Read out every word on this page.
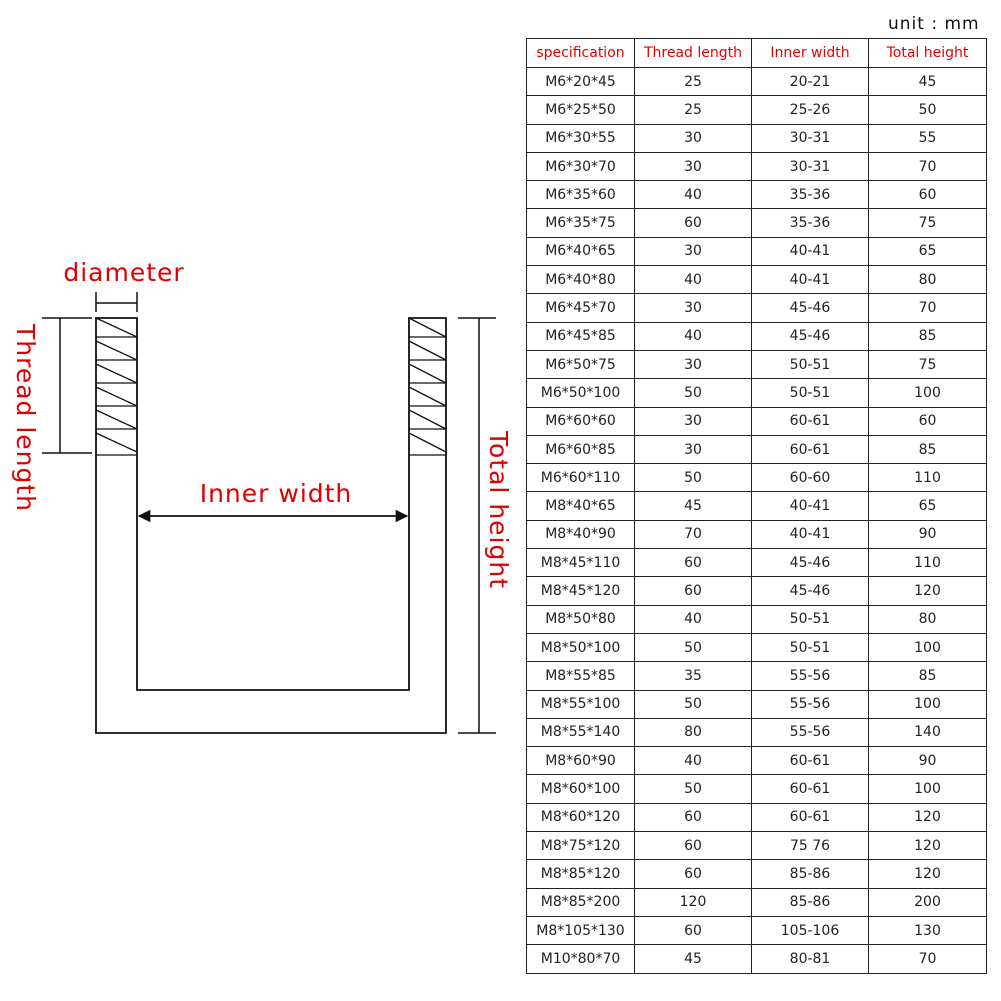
diameter
Thread length	Inner width	Total height
unit : mm
specification	Thread length	Inner width	Total height
M6*20*45	25	20-21	45
M6*25*50	25	25-26	50
M6*30*55	30	30-31	55
M6*30*70	30	30-31	70
M6*35*60	40	35-36	60
M6*35*75	60	35-36	75
M6*40*65	30	40-41	65
M6*40*80	40	40-41	80
M6*45*70	30	45-46	70
M6*45*85	40	45-46	85
M6*50*75	30	50-51	75
M6*50*100	50	50-51	100
M6*60*60	30	60-61	60
M6*60*85	30	60-61	85
M6*60*110	50	60-60	110
M8*40*65	45	40-41	65
M8*40*90	70	40-41	90
M8*45*110	60	45-46	110
M8*45*120	60	45-46	120
M8*50*80	40	50-51	80
M8*50*100	50	50-51	100
M8*55*85	35	55-56	85
M8*55*100	50	55-56	100
M8*55*140	80	55-56	140
M8*60*90	40	60-61	90
M8*60*100	50	60-61	100
M8*60*120	60	60-61	120
M8*75*120	60	75 76	120
M8*85*120	60	85-86	120
M8*85*200	120	85-86	200
M8*105*130	60	105-106	130
M10*80*70	45	80-81	70
